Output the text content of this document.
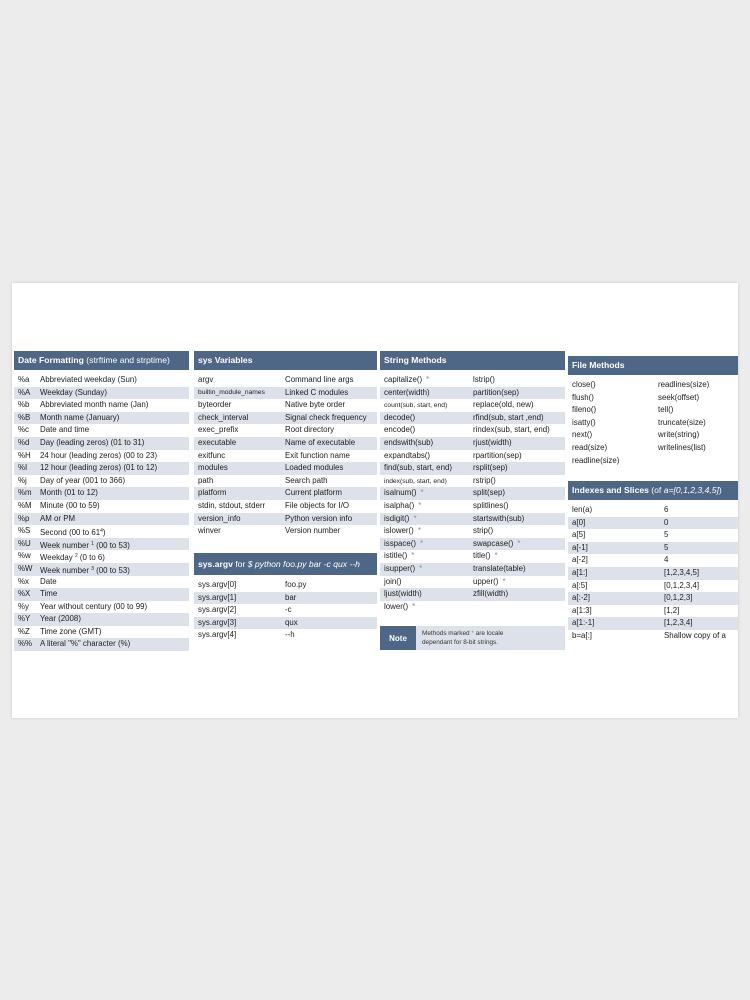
Date Formatting (strftime and strptime)
%a Abbreviated weekday (Sun)
%A Weekday (Sunday)
%b Abbreviated month name (Jan)
%B Month name (January)
%c Date and time
%d Day (leading zeros) (01 to 31)
%H 24 hour (leading zeros) (00 to 23)
%I 12 hour (leading zeros) (01 to 12)
%j Day of year (001 to 366)
%m Month (01 to 12)
%M Minute (00 to 59)
%p AM or PM
%S Second (00 to $61^4$)
%U Week number $^1$ (00 to 53)
%w Weekday $^2$ (0 to 6)
%W Week number $^3$ (00 to 53)
%x Date
%X Time
%y Year without century (00 to 99)
%Y Year (2008)
%Z Time zone (GMT)
%% A literal "%" character (%)
sys Variables
argv	Command line args
builtin_module_names	Linked C modules
byteorder	Native byte order
check_interval	Signal check frequency
exec_prefix	Root directory
executable	Name of executable
exitfunc	Exit function name
modules	Loaded modules
path	Search path
platform	Current platform
stdin, stdout, stderr	File objects for I/O
version_info	Python version info
winver	Version number
sys.argv for $ python foo.py bar -c qux --h
sys.argv[0]	foo.py
sys.argv[1]	bar
sys.argv[2]	-c
sys.argv[3]	qux
sys.argv[4]	--h
String Methods
capitalize() *	lstrip()
center(width)	partition(sep)
count(sub, start, end)	replace(old, new)
decode()	rfind(sub, start ,end)
encode()	rindex(sub, start, end)
endswith(sub)	rjust(width)
expandtabs()	rpartition(sep)
find(sub, start, end)	rsplit(sep)
index(sub, start, end)	rstrip()
isalnum() *	split(sep)
isalpha() *	splitlines()
isdigit() *	startswith(sub)
islower() *	strip()
isspace() *	swapcase() *
istitle() *	title() *
isupper() *	translate(table)
join()	upper() *
ljust(width)	zfill(width)
lower() *
Note	Methods marked * are locale dependant for 8-bit strings.
File Methods
close()	readlines(size)
flush()	seek(offset)
fileno()	tell()
isatty()	truncate(size)
next()	write(string)
read(size)	writelines(list)
readline(size)
Indexes and Slices (of a=[0,1,2,3,4,5])
len(a)	6
a[0]	0
a[5]	5
a[-1]	5
a[-2]	4
a[1:]	[1,2,3,4,5]
a[:5]	[0,1,2,3,4]
a[:-2]	[0,1,2,3]
a[1:3]	[1,2]
a[1:-1]	[1,2,3,4]
b=a[:]	Shallow copy of a
